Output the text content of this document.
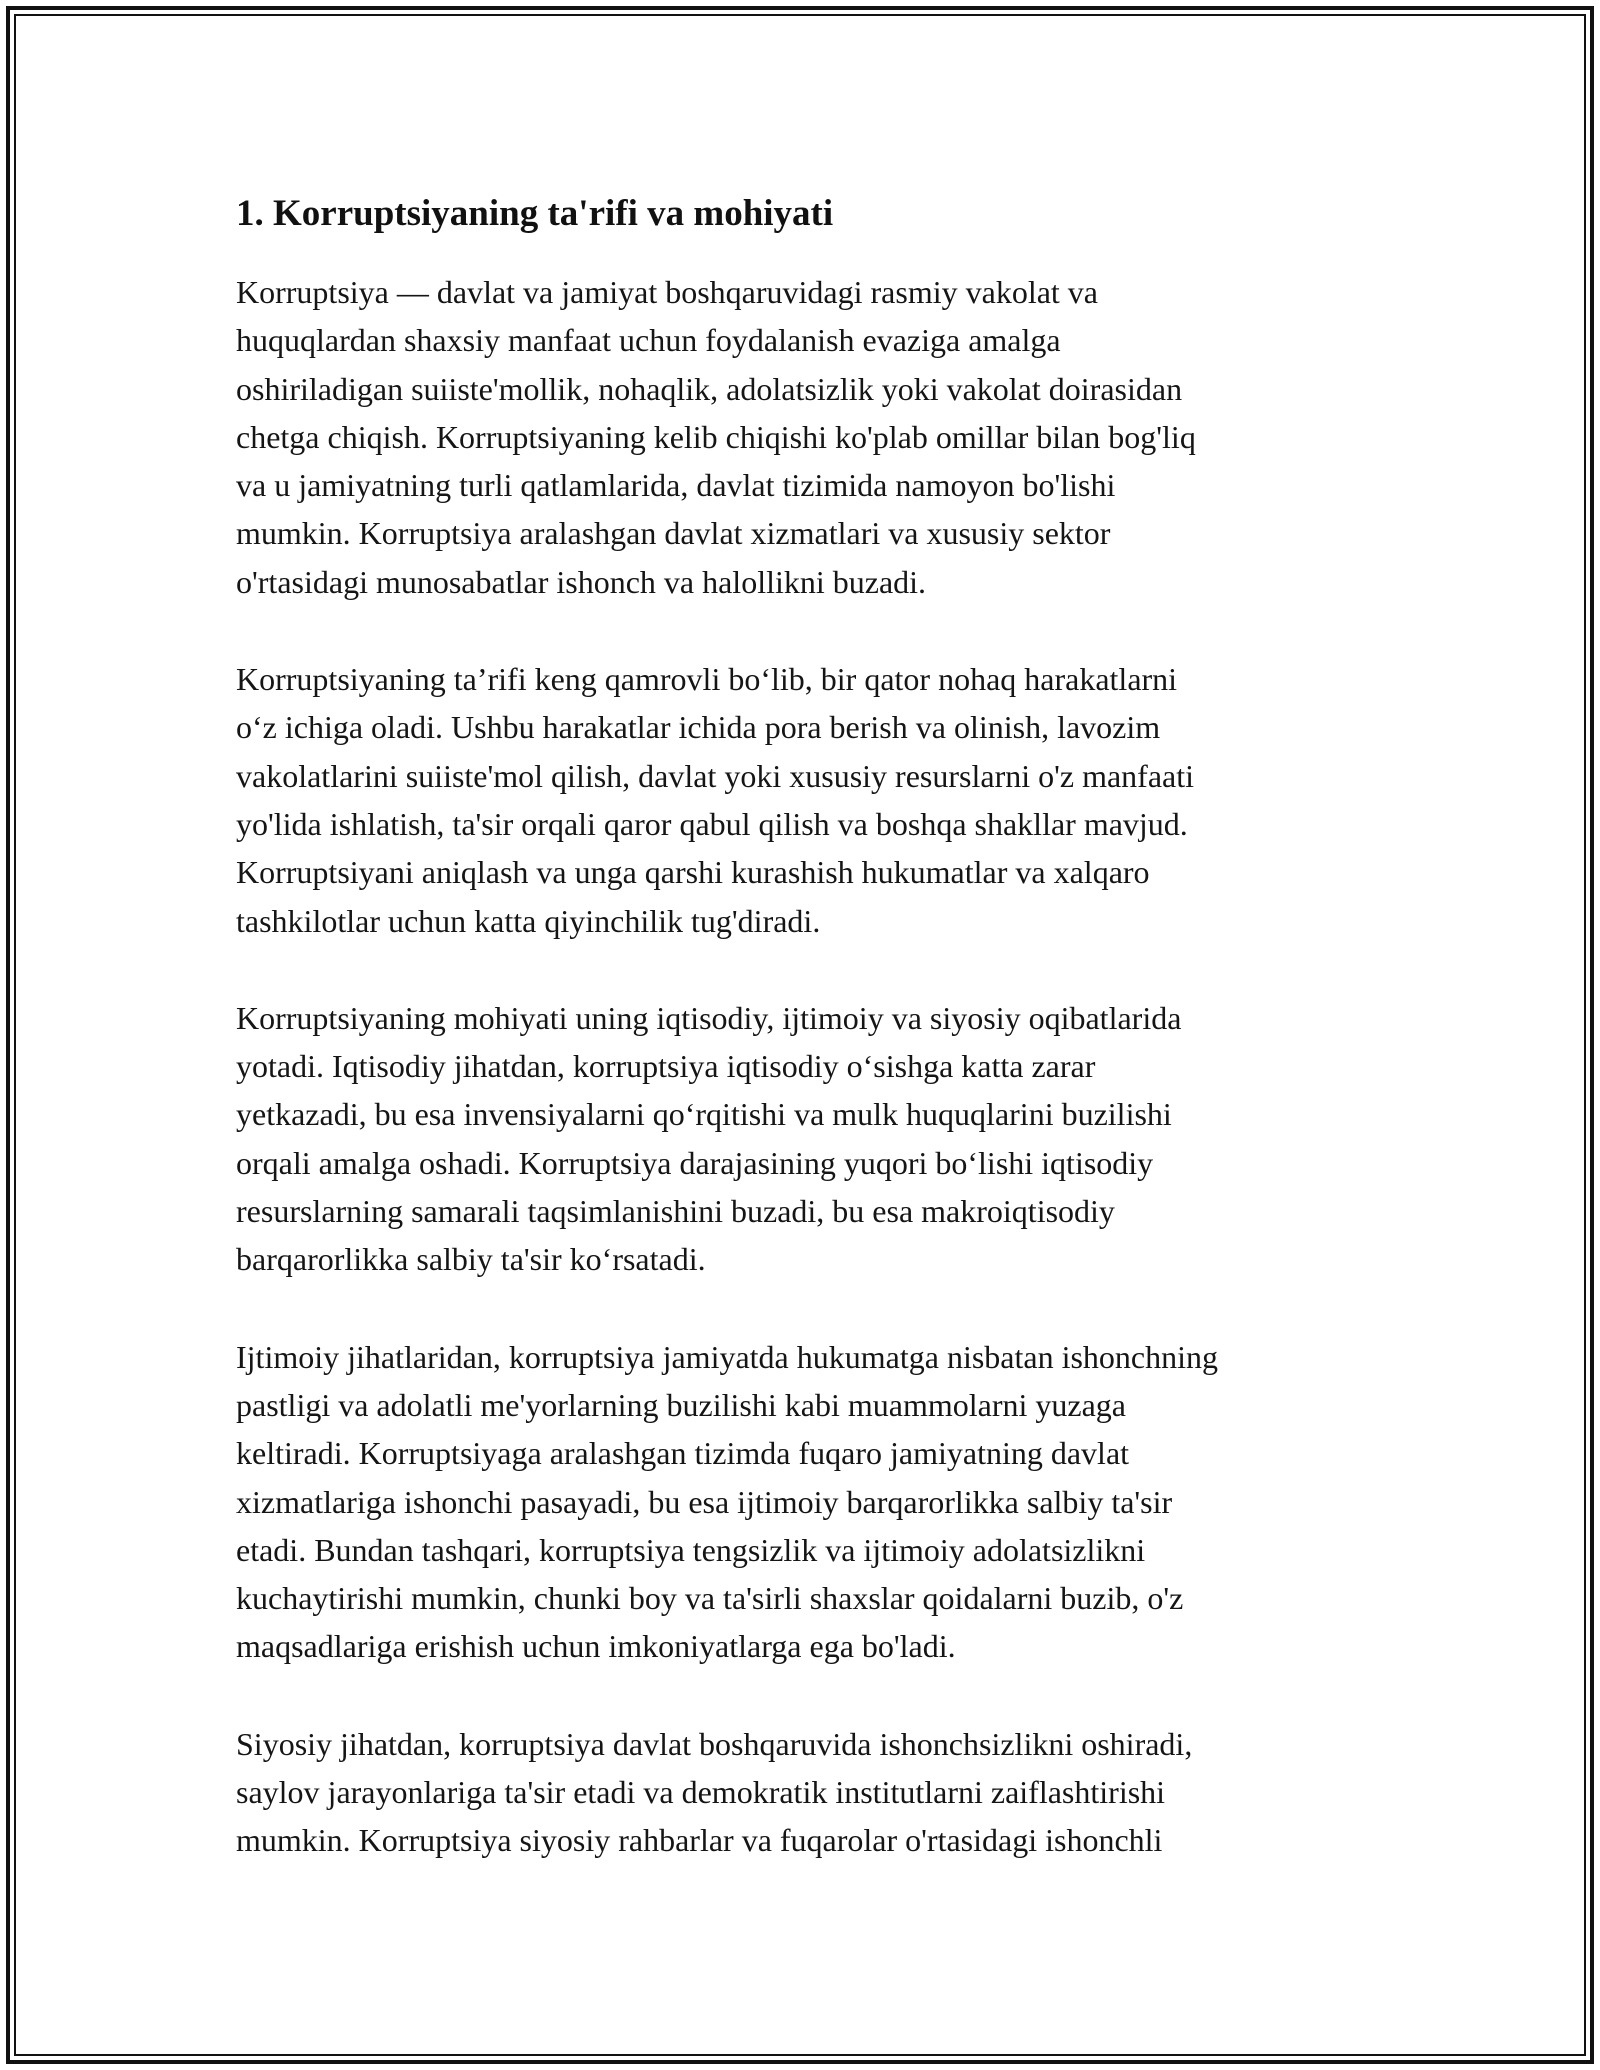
1. Korruptsiyaning ta'rifi va mohiyati

Korruptsiya — davlat va jamiyat boshqaruvidagi rasmiy vakolat va
huquqlardan shaxsiy manfaat uchun foydalanish evaziga amalga
oshiriladigan suiiste'mollik, nohaqlik, adolatsizlik yoki vakolat doirasidan
chetga chiqish. Korruptsiyaning kelib chiqishi ko'plab omillar bilan bog'liq
va u jamiyatning turli qatlamlarida, davlat tizimida namoyon bo'lishi
mumkin. Korruptsiya aralashgan davlat xizmatlari va xususiy sektor
o'rtasidagi munosabatlar ishonch va halollikni buzadi.

Korruptsiyaning ta’rifi keng qamrovli bo‘lib, bir qator nohaq harakatlarni
o‘z ichiga oladi. Ushbu harakatlar ichida pora berish va olinish, lavozim
vakolatlarini suiiste'mol qilish, davlat yoki xususiy resurslarni o'z manfaati
yo'lida ishlatish, ta'sir orqali qaror qabul qilish va boshqa shakllar mavjud.
Korruptsiyani aniqlash va unga qarshi kurashish hukumatlar va xalqaro
tashkilotlar uchun katta qiyinchilik tug'diradi.

Korruptsiyaning mohiyati uning iqtisodiy, ijtimoiy va siyosiy oqibatlarida
yotadi. Iqtisodiy jihatdan, korruptsiya iqtisodiy o‘sishga katta zarar
yetkazadi, bu esa invensiyalarni qo‘rqitishi va mulk huquqlarini buzilishi
orqali amalga oshadi. Korruptsiya darajasining yuqori bo‘lishi iqtisodiy
resurslarning samarali taqsimlanishini buzadi, bu esa makroiqtisodiy
barqarorlikka salbiy ta'sir ko‘rsatadi.

Ijtimoiy jihatlaridan, korruptsiya jamiyatda hukumatga nisbatan ishonchning
pastligi va adolatli me'yorlarning buzilishi kabi muammolarni yuzaga
keltiradi. Korruptsiyaga aralashgan tizimda fuqaro jamiyatning davlat
xizmatlariga ishonchi pasayadi, bu esa ijtimoiy barqarorlikka salbiy ta'sir
etadi. Bundan tashqari, korruptsiya tengsizlik va ijtimoiy adolatsizlikni
kuchaytirishi mumkin, chunki boy va ta'sirli shaxslar qoidalarni buzib, o'z
maqsadlariga erishish uchun imkoniyatlarga ega bo'ladi.

Siyosiy jihatdan, korruptsiya davlat boshqaruvida ishonchsizlikni oshiradi,
saylov jarayonlariga ta'sir etadi va demokratik institutlarni zaiflashtirishi
mumkin. Korruptsiya siyosiy rahbarlar va fuqarolar o'rtasidagi ishonchli
